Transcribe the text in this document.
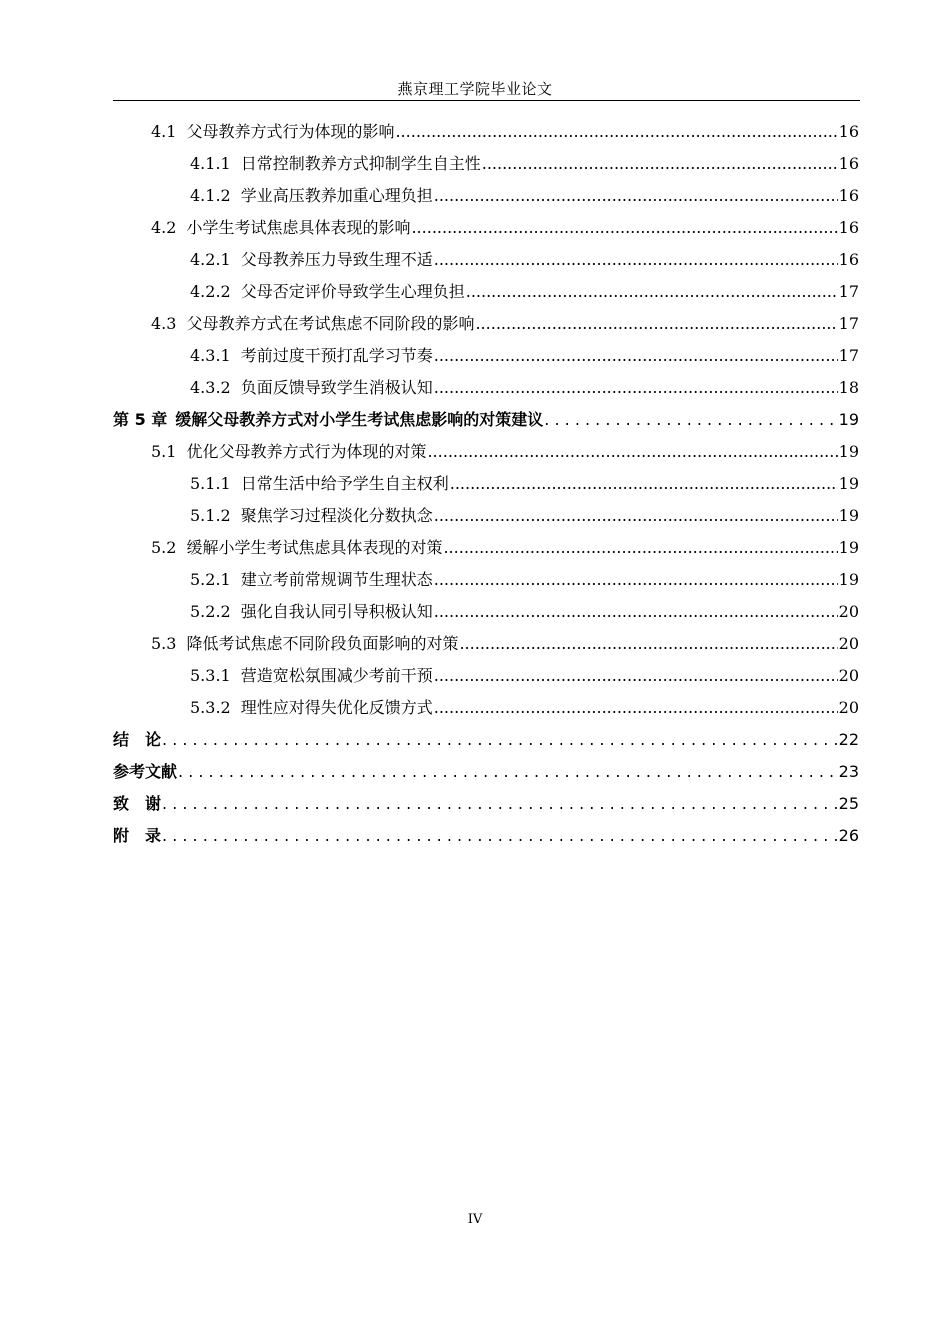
燕京理工学院毕业论文
4.1 父母教养方式行为体现的影响 .....	16
4.1.1 日常控制教养方式抑制学生自主性 .....	16
4.1.2 学业高压教养加重心理负担 .....	16
4.2 小学生考试焦虑具体表现的影响 .....	16
4.2.1 父母教养压力导致生理不适 .....	16
4.2.2 父母否定评价导致学生心理负担 .....	17
4.3 父母教养方式在考试焦虑不同阶段的影响 .....	17
4.3.1 考前过度干预打乱学习节奏 .....	17
4.3.2 负面反馈导致学生消极认知 .....	18
第 5 章 缓解父母教养方式对小学生考试焦虑影响的对策建议 . . .	19
5.1 优化父母教养方式行为体现的对策 .....	19
5.1.1 日常生活中给予学生自主权利 .....	19
5.1.2 聚焦学习过程淡化分数执念 .....	19
5.2 缓解小学生考试焦虑具体表现的对策 .....	19
5.2.1 建立考前常规调节生理状态 .....	19
5.2.2 强化自我认同引导积极认知 .....	20
5.3 降低考试焦虑不同阶段负面影响的对策 .....	20
5.3.1 营造宽松氛围减少考前干预 .....	20
5.3.2 理性应对得失优化反馈方式 .....	20
结　论 . . .	22
参考文献 . . .	23
致　谢 . . .	25
附　录 . . .	26
IV
